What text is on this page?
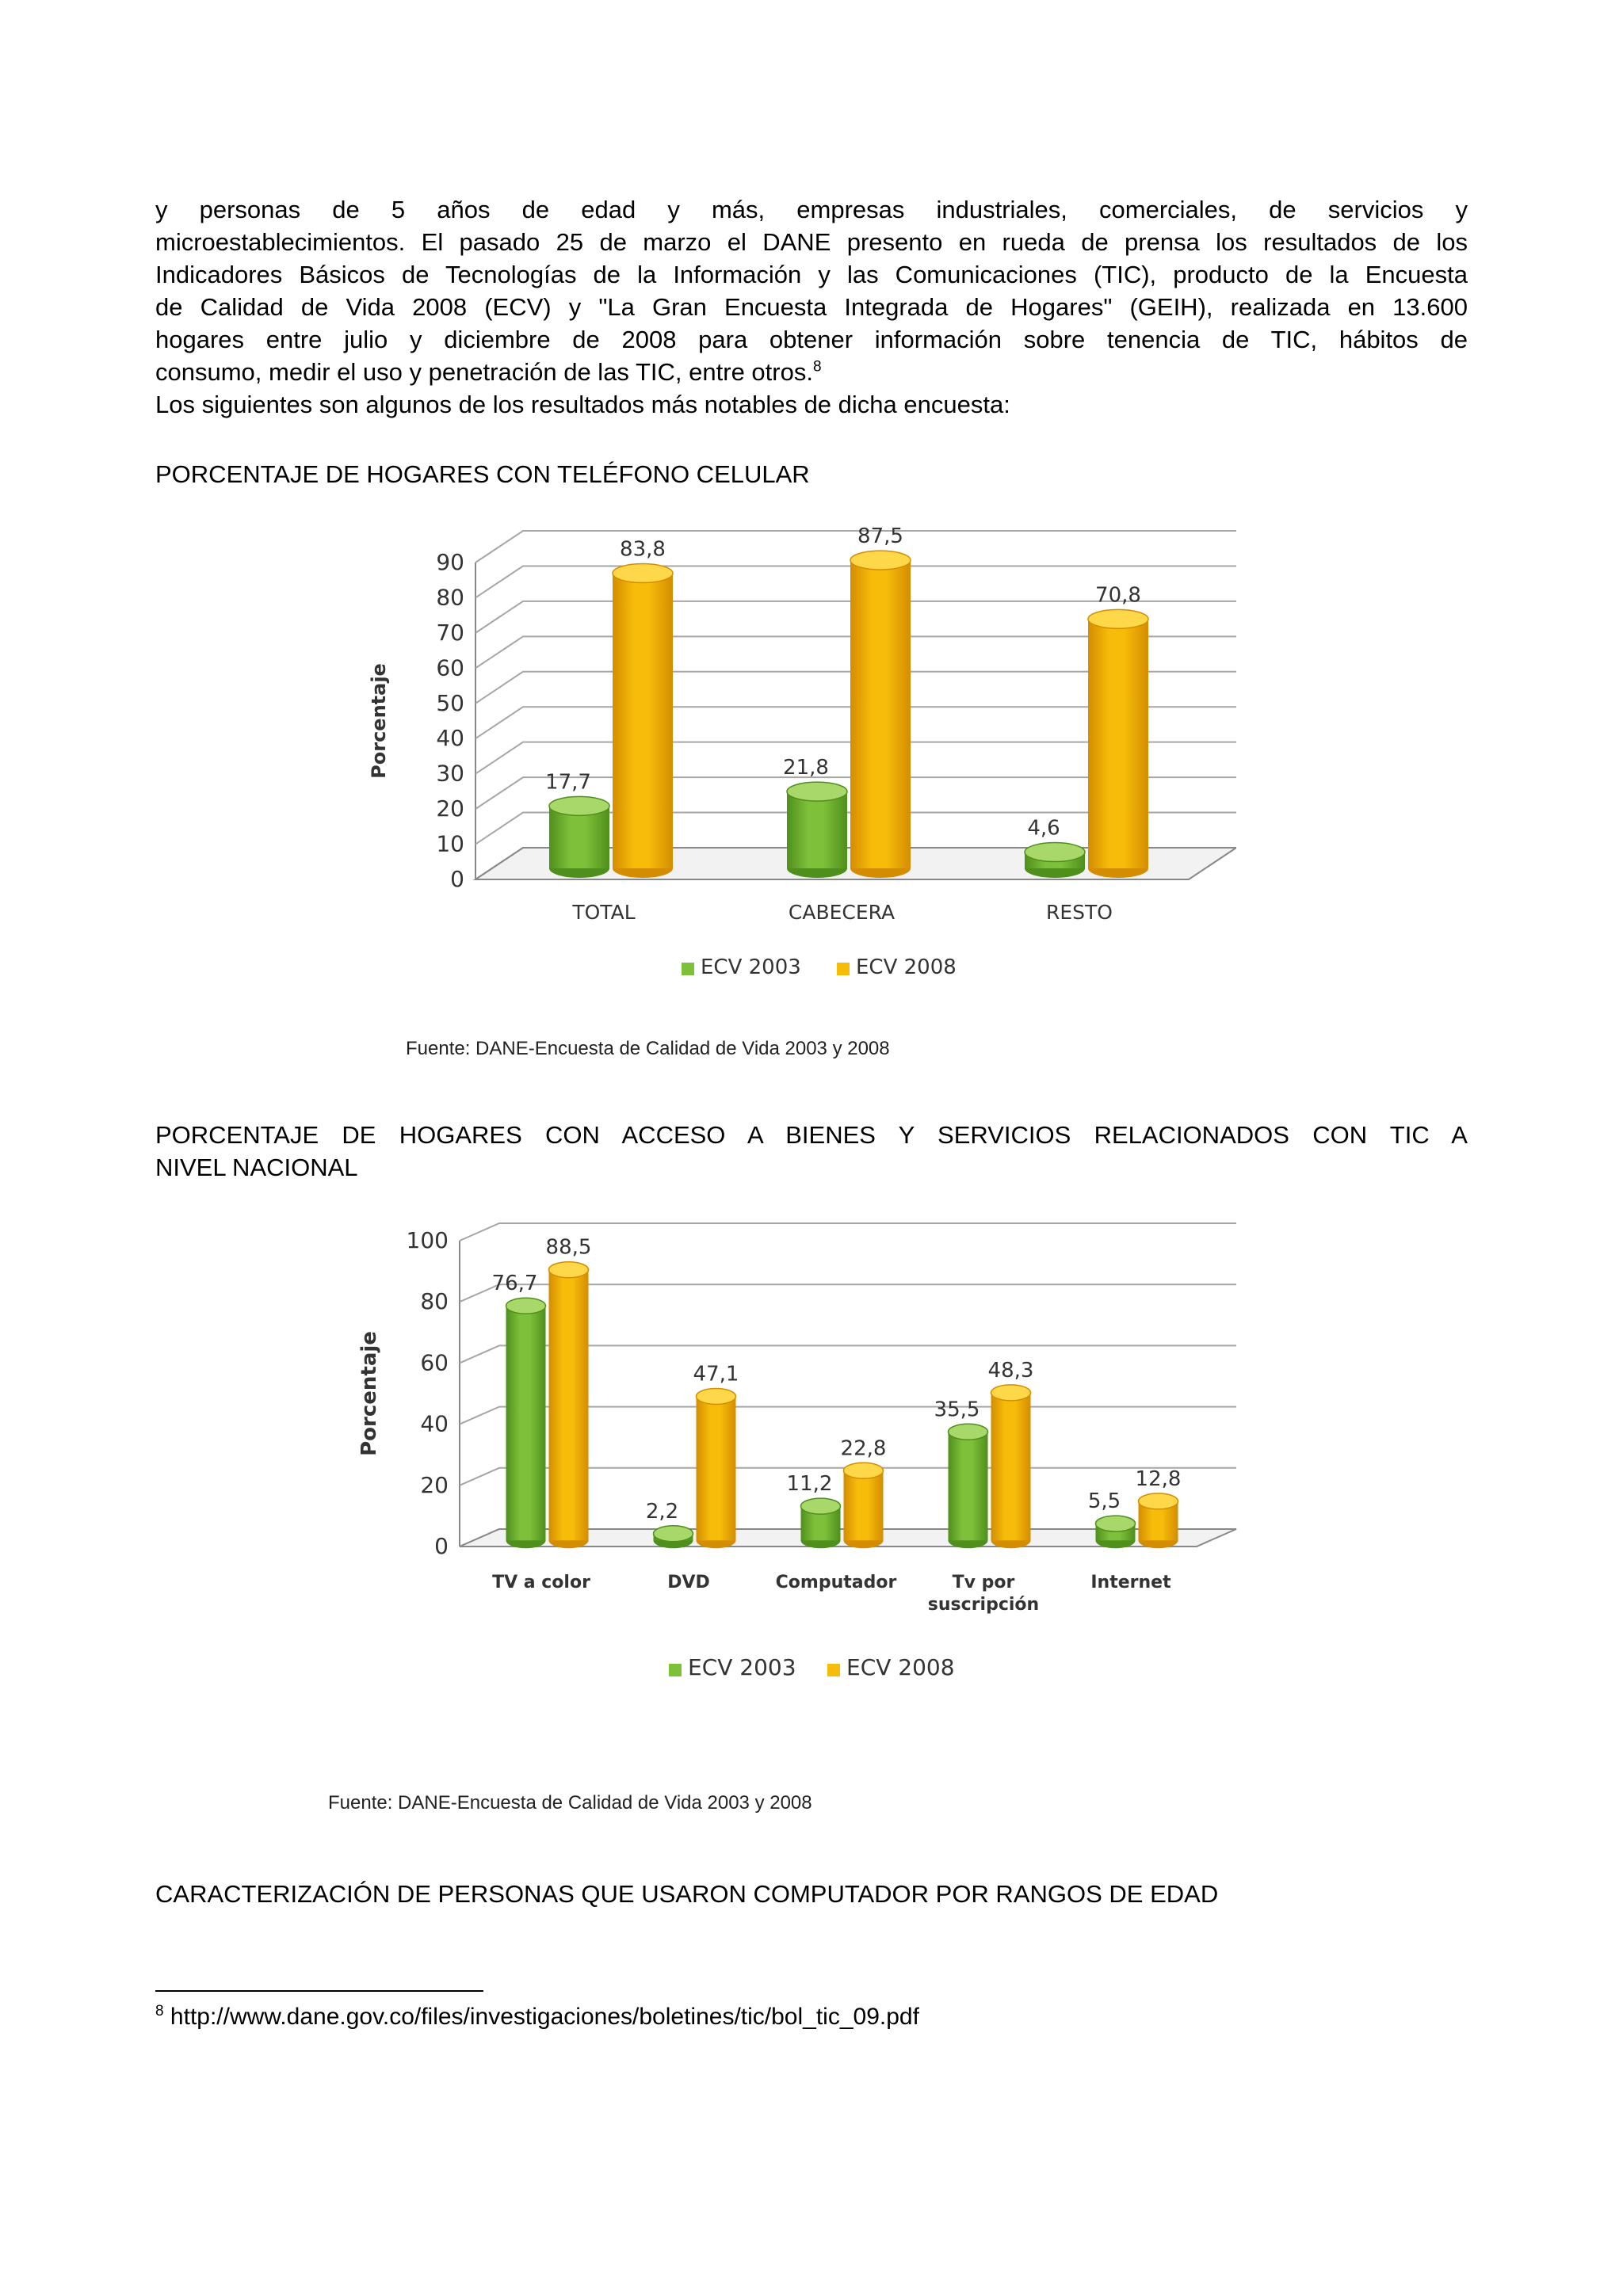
y personas de 5 años de edad y más, empresas industriales, comerciales, de servicios y

microestablecimientos. El pasado 25 de marzo el DANE presento en rueda de prensa los resultados de los

Indicadores Básicos de Tecnologías de la Información y las Comunicaciones (TIC), producto de la Encuesta

de Calidad de Vida 2008 (ECV) y "La Gran Encuesta Integrada de Hogares" (GEIH), realizada en 13.600

hogares entre julio y diciembre de 2008 para obtener información sobre tenencia de TIC, hábitos de

consumo, medir el uso y penetración de las TIC, entre otros.$^8$

Los siguientes son algunos de los resultados más notables de dicha encuesta:

PORCENTAJE DE HOGARES CON TELÉFONO CELULAR
0
10
20
30
40
50
60
70
80
90
Porcentaje
17,7
83,8
TOTAL
21,8
87,5
CABECERA
4,6
70,8
RESTO
ECV 2003	ECV 2008
Fuente: DANE-Encuesta de Calidad de Vida 2003 y 2008
PORCENTAJE DE HOGARES CON ACCESO A BIENES Y SERVICIOS RELACIONADOS CON TIC A
NIVEL NACIONAL
0
20
40
60
80
100
Porcentaje
76,7
88,5
TV a color
2,2
47,1
DVD
11,2
22,8
Computador
35,5
48,3
Tv por
suscripción
5,5
12,8
Internet
ECV 2003 ECV 2008
Fuente: DANE-Encuesta de Calidad de Vida 2003 y 2008
CARACTERIZACIÓN DE PERSONAS QUE USARON COMPUTADOR POR RANGOS DE EDAD
$^8$ http://www.dane.gov.co/files/investigaciones/boletines/tic/bol_tic_09.pdf
